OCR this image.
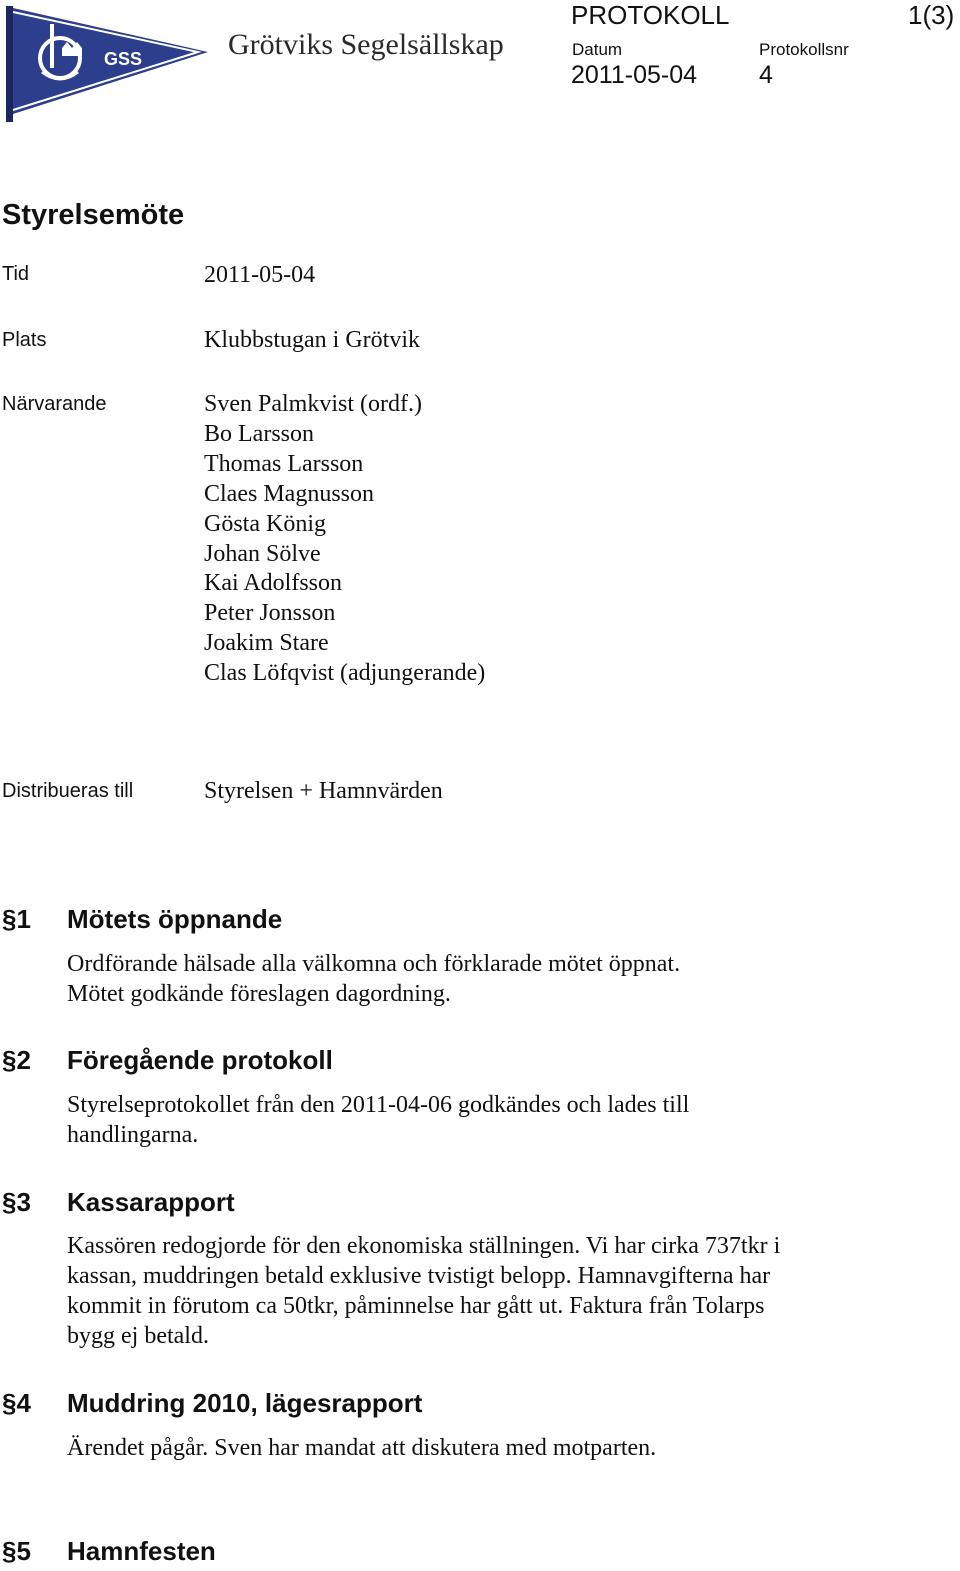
GSS	Grötviks Segelsällskap
PROTOKOLL	1(3)
Datum	Protokollsnr
2011-05-04 4
Styrelsemöte
Tid	2011-05-04
Plats	Klubbstugan i Grötvik
Närvarande	Sven Palmkvist (ordf.)
Bo Larsson
Thomas Larsson
Claes Magnusson
Gösta König
Johan Sölve
Kai Adolfsson
Peter Jonsson
Joakim Stare
Clas Löfqvist (adjungerande)
Distribueras till	Styrelsen + Hamnvärden
§1 Mötets öppnande
Ordförande hälsade alla välkomna och förklarade mötet öppnat.
Mötet godkände föreslagen dagordning.
§2 Föregående protokoll
Styrelseprotokollet från den 2011-04-06 godkändes och lades till
handlingarna.
§3 Kassarapport
Kassören redogjorde för den ekonomiska ställningen. Vi har cirka 737tkr i
kassan, muddringen betald exklusive tvistigt belopp. Hamnavgifterna har
kommit in förutom ca 50tkr, påminnelse har gått ut. Faktura från Tolarps
bygg ej betald.
§4 Muddring 2010, lägesrapport
Ärendet pågår. Sven har mandat att diskutera med motparten.
§5 Hamnfesten
